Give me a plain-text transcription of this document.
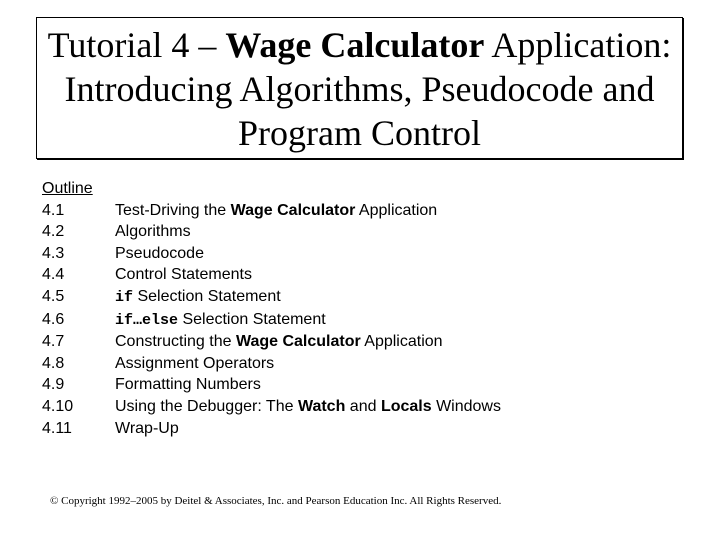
Tutorial 4 – Wage Calculator Application:
Introducing Algorithms, Pseudocode and
Program Control
Outline
4.1	Test-Driving the Wage Calculator Application
4.2	Algorithms
4.3	Pseudocode
4.4	Control Statements
4.5	if Selection Statement
4.6	if…else Selection Statement
4.7	Constructing the Wage Calculator Application
4.8	Assignment Operators
4.9	Formatting Numbers
4.10	Using the Debugger: The Watch and Locals Windows
4.11	Wrap-Up
© Copyright 1992–2005 by Deitel & Associates, Inc. and Pearson Education Inc. All Rights Reserved.
